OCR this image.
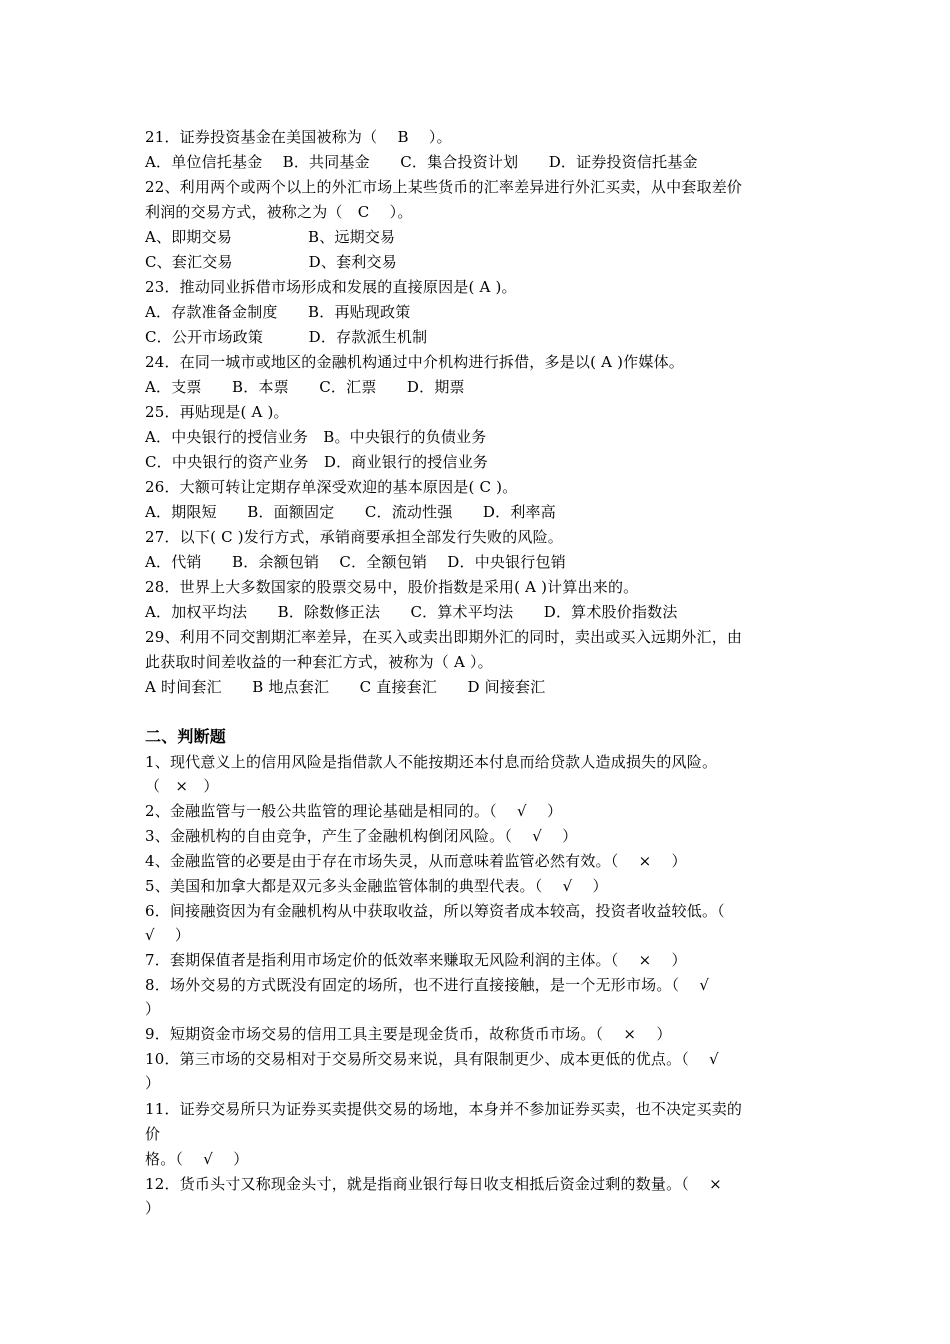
21．证券投资基金在美国被称为（　 B　 ）。
A．单位信托基金　 B．共同基金　　C．集合投资计划　　D．证券投资信托基金
22、利用两个或两个以上的外汇市场上某些货币的汇率差异进行外汇买卖，从中套取差价
利润的交易方式，被称之为（　C　 ）。
A、即期交易　　　　　B、远期交易
C、套汇交易　　　　　D、套利交易
23．推动同业拆借市场形成和发展的直接原因是( A )。
A．存款准备金制度　　B．再贴现政策
C．公开市场政策　　　D．存款派生机制
24．在同一城市或地区的金融机构通过中介机构进行拆借，多是以( A )作媒体。
A．支票　　B．本票　　C．汇票　　D．期票
25．再贴现是( A )。
A．中央银行的授信业务　B。中央银行的负债业务
C．中央银行的资产业务　D．商业银行的授信业务
26．大额可转让定期存单深受欢迎的基本原因是( C )。
A．期限短　　B．面额固定　　C．流动性强　　D．利率高
27．以下( C )发行方式，承销商要承担全部发行失败的风险。
A．代销　　B．余额包销　 C．全额包销　 D．中央银行包销
28．世界上大多数国家的股票交易中，股价指数是采用( A )计算出来的。
A．加权平均法　　B．除数修正法　　C．算术平均法　　D．算术股价指数法
29、利用不同交割期汇率差异，在买入或卖出即期外汇的同时，卖出或买入远期外汇，由
此获取时间差收益的一种套汇方式，被称为（ A ）。
A 时间套汇　　B 地点套汇　　C 直接套汇　　D 间接套汇
二、判断题
1、现代意义上的信用风险是指借款人不能按期还本付息而给贷款人造成损失的风险。
（　×　）
2、金融监管与一般公共监管的理论基础是相同的。（　 √　 ）
3、金融机构的自由竞争，产生了金融机构倒闭风险。（　 √　 ）
4、金融监管的必要是由于存在市场失灵，从而意味着监管必然有效。（　 ×　 ）
5、美国和加拿大都是双元多头金融监管体制的典型代表。（　 √　 ）
6．间接融资因为有金融机构从中获取收益，所以筹资者成本较高，投资者收益较低。（
√　 ）
7．套期保值者是指利用市场定价的低效率来赚取无风险利润的主体。（　 ×　 ）
8．场外交易的方式既没有固定的场所，也不进行直接接触，是一个无形市场。（　 √
）
9．短期资金市场交易的信用工具主要是现金货币，故称货币市场。（　 ×　 ）
10．第三市场的交易相对于交易所交易来说，具有限制更少、成本更低的优点。（　 √
）
11．证券交易所只为证券买卖提供交易的场地，本身并不参加证券买卖，也不决定买卖的
价
格。（　 √　 ）
12．货币头寸又称现金头寸，就是指商业银行每日收支相抵后资金过剩的数量。（　 ×
）
